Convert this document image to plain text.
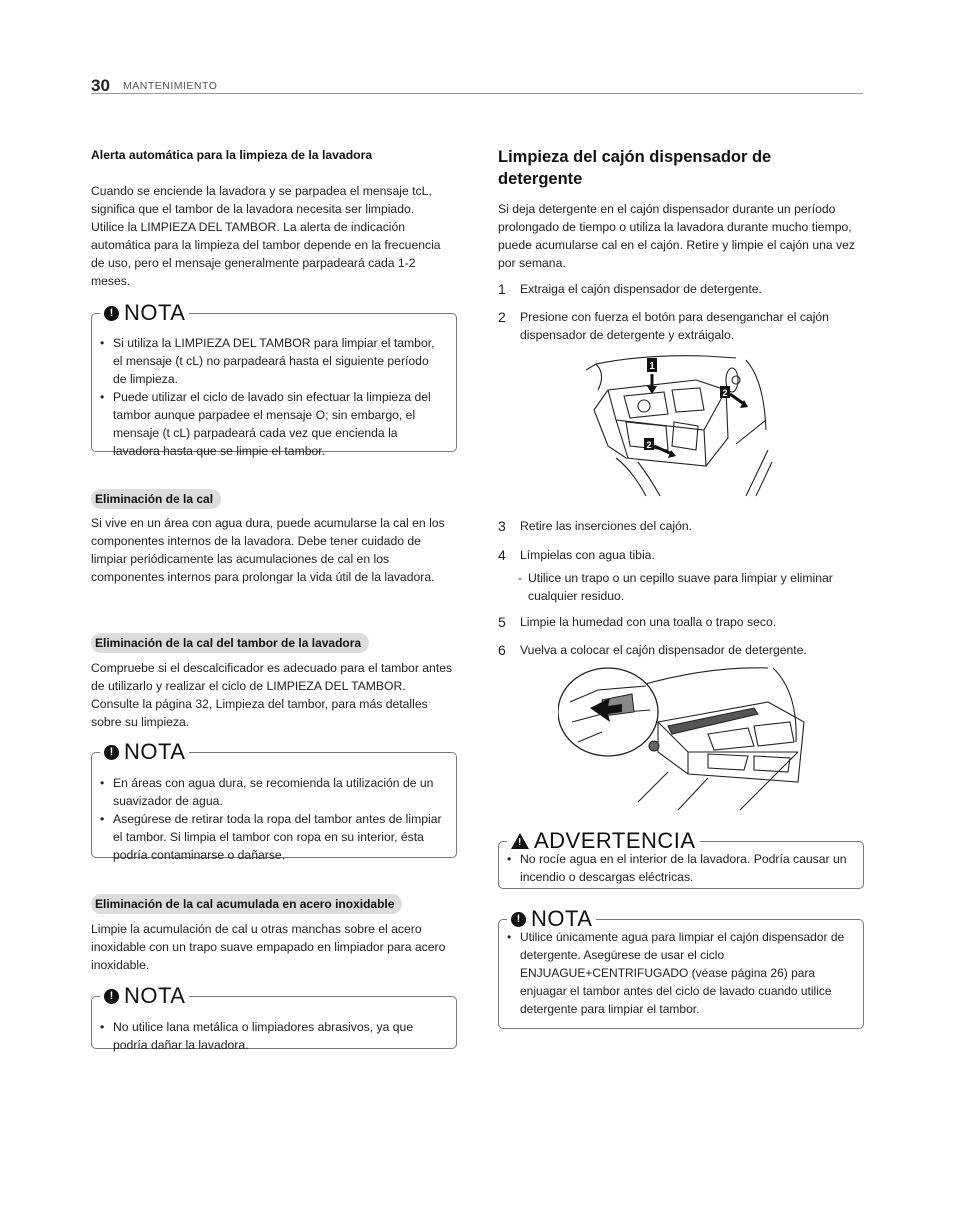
30 MANTENIMIENTO
Alerta automática para la limpieza de la lavadora
Cuando se enciende la lavadora y se parpadea el mensaje tcL, significa que el tambor de la lavadora necesita ser limpiado. Utilice la LIMPIEZA DEL TAMBOR. La alerta de indicación automática para la limpieza del tambor depende en la frecuencia de uso, pero el mensaje generalmente parpadeará cada 1-2 meses.
! NOTA
• Si utiliza la LIMPIEZA DEL TAMBOR para limpiar el tambor, el mensaje (t cL) no parpadeará hasta el siguiente período de limpieza.
• Puede utilizar el ciclo de lavado sin efectuar la limpieza del tambor aunque parpadee el mensaje O; sin embargo, el mensaje (t cL) parpadeará cada vez que encienda la lavadora hasta que se limpie el tambor.
Eliminación de la cal
Si vive en un área con agua dura, puede acumularse la cal en los componentes internos de la lavadora. Debe tener cuidado de limpiar periódicamente las acumulaciones de cal en los componentes internos para prolongar la vida útil de la lavadora.
Eliminación de la cal del tambor de la lavadora
Compruebe si el descalcificador es adecuado para el tambor antes de utilizarlo y realizar el ciclo de LIMPIEZA DEL TAMBOR. Consulte la página 32, Limpieza del tambor, para más detalles sobre su limpieza.
! NOTA
• En áreas con agua dura, se recomienda la utilización de un suavizador de agua.
• Asegúrese de retirar toda la ropa del tambor antes de limpiar el tambor. Si limpia el tambor con ropa en su interior, ésta podría contaminarse o dañarse.
Eliminación de la cal acumulada en acero inoxidable
Limpie la acumulación de cal u otras manchas sobre el acero inoxidable con un trapo suave empapado en limpiador para acero inoxidable.
! NOTA
• No utilice lana metálica o limpiadores abrasivos, ya que podría dañar la lavadora.
Limpieza del cajón dispensador de detergente
Si deja detergente en el cajón dispensador durante un período prolongado de tiempo o utiliza la lavadora durante mucho tiempo, puede acumularse cal en el cajón. Retire y limpie el cajón una vez por semana.
1	Extraiga el cajón dispensador de detergente.
2	Presione con fuerza el botón para desenganchar el cajón dispensador de detergente y extráigalo.
1
2
2
3	Retire las inserciones del cajón.
4	Límpielas con agua tibia.
- Utilice un trapo o un cepillo suave para limpiar y eliminar cualquier residuo.
5	Limpie la humedad con una toalla o trapo seco.
6	Vuelva a colocar el cajón dispensador de detergente.
! ADVERTENCIA
• No rocíe agua en el interior de la lavadora. Podría causar un incendio o descargas eléctricas.
! NOTA
• Utilice únicamente agua para limpiar el cajón dispensador de detergente. Asegúrese de usar el ciclo ENJUAGUE+CENTRIFUGADO (véase página 26) para enjuagar el tambor antes del ciclo de lavado cuando utilice detergente para limpiar el tambor.
